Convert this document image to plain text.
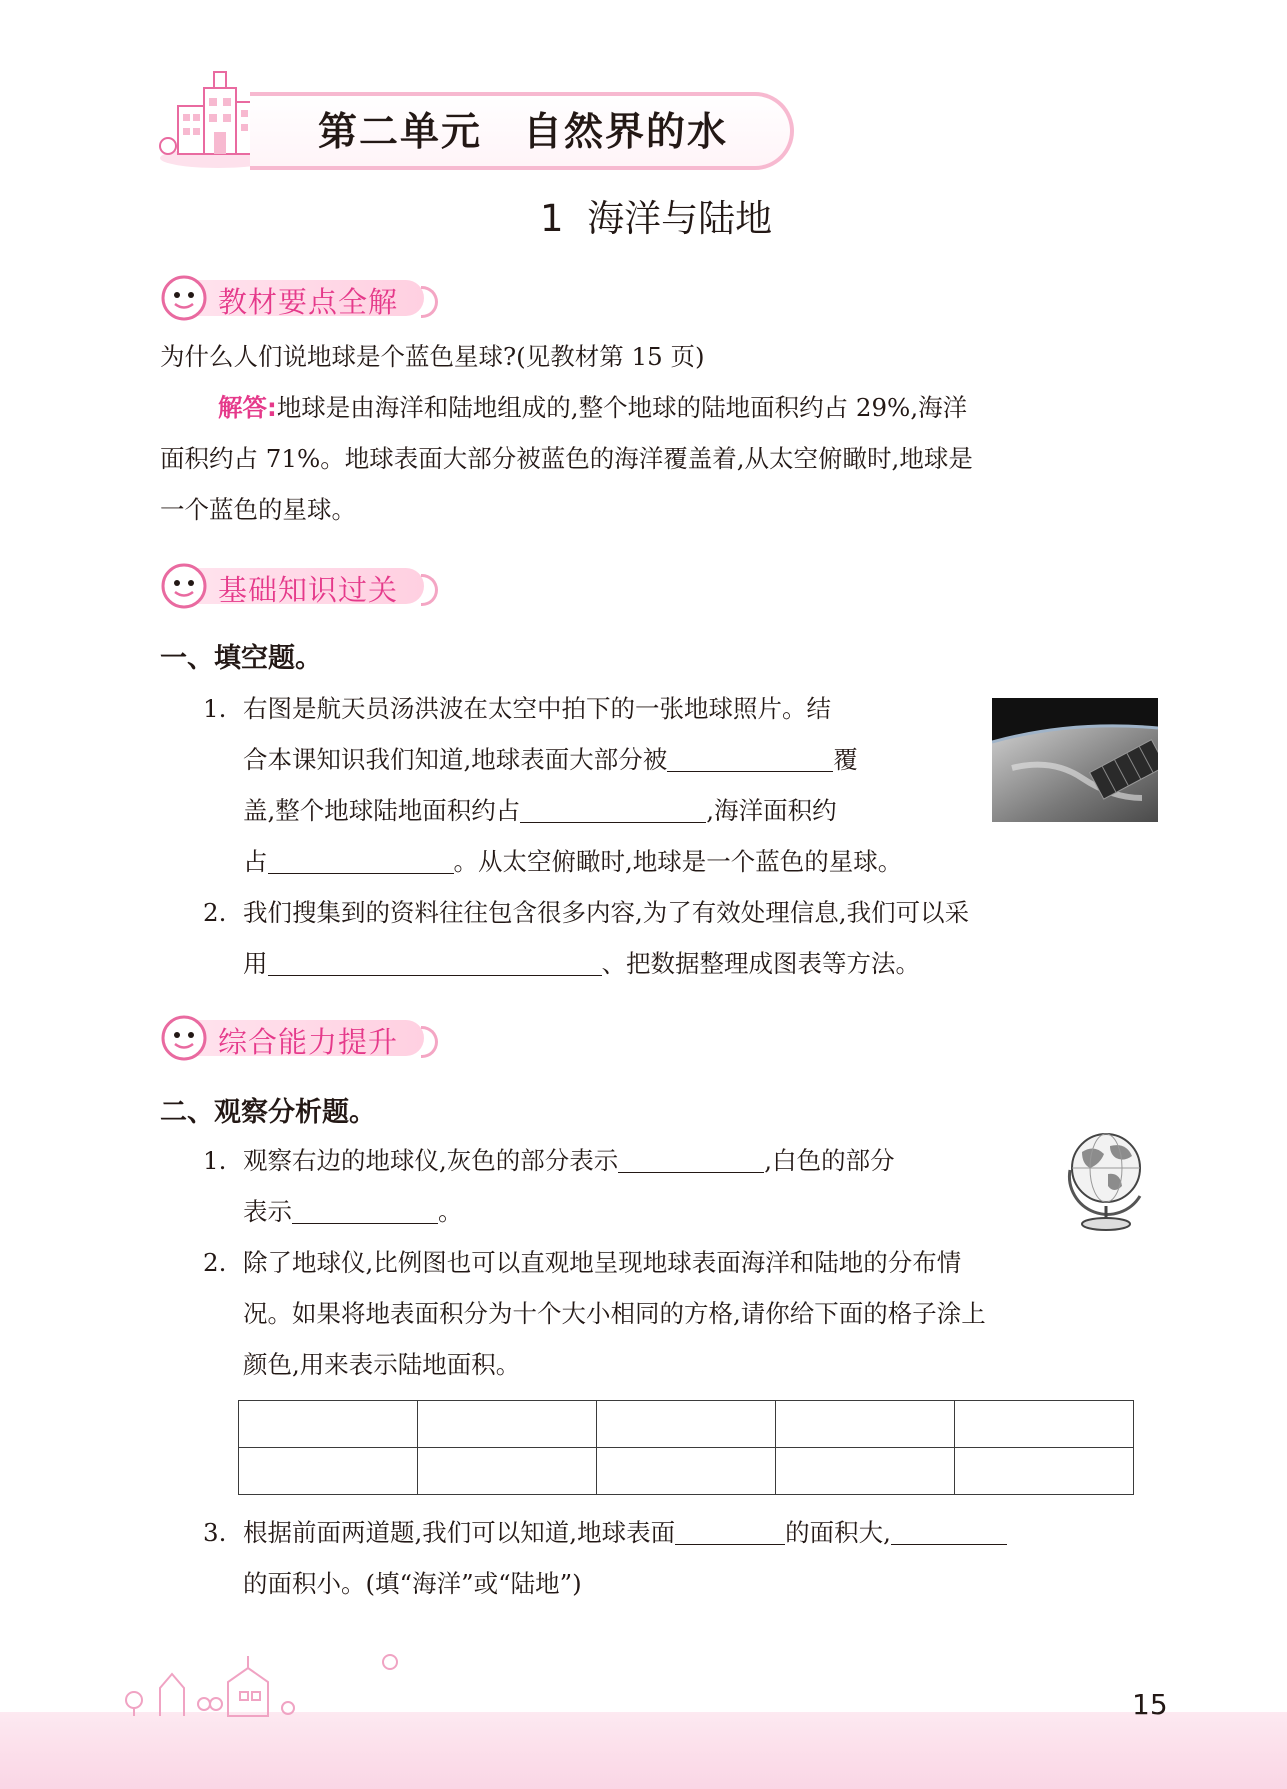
第二单元　自然界的水
1  海洋与陆地
教材要点全解
为什么人们说地球是个蓝色星球?(见教材第 15 页)
解答:地球是由海洋和陆地组成的,整个地球的陆地面积约占 29%,海洋
面积约占 71%。地球表面大部分被蓝色的海洋覆盖着,从太空俯瞰时,地球是
一个蓝色的星球。
基础知识过关
一、填空题。
1. 右图是航天员汤洪波在太空中拍下的一张地球照片。结
合本课知识我们知道,地球表面大部分被	覆
盖,整个地球陆地面积约占	,海洋面积约
占	。从太空俯瞰时,地球是一个蓝色的星球。
2. 我们搜集到的资料往往包含很多内容,为了有效处理信息,我们可以采
用	、把数据整理成图表等方法。
综合能力提升
二、观察分析题。
1. 观察右边的地球仪,灰色的部分表示	,白色的部分
表示	。
2. 除了地球仪,比例图也可以直观地呈现地球表面海洋和陆地的分布情
况。如果将地表面积分为十个大小相同的方格,请你给下面的格子涂上
颜色,用来表示陆地面积。

3. 根据前面两道题,我们可以知道,地球表面	的面积大,
的面积小。(填“海洋”或“陆地”)
15
